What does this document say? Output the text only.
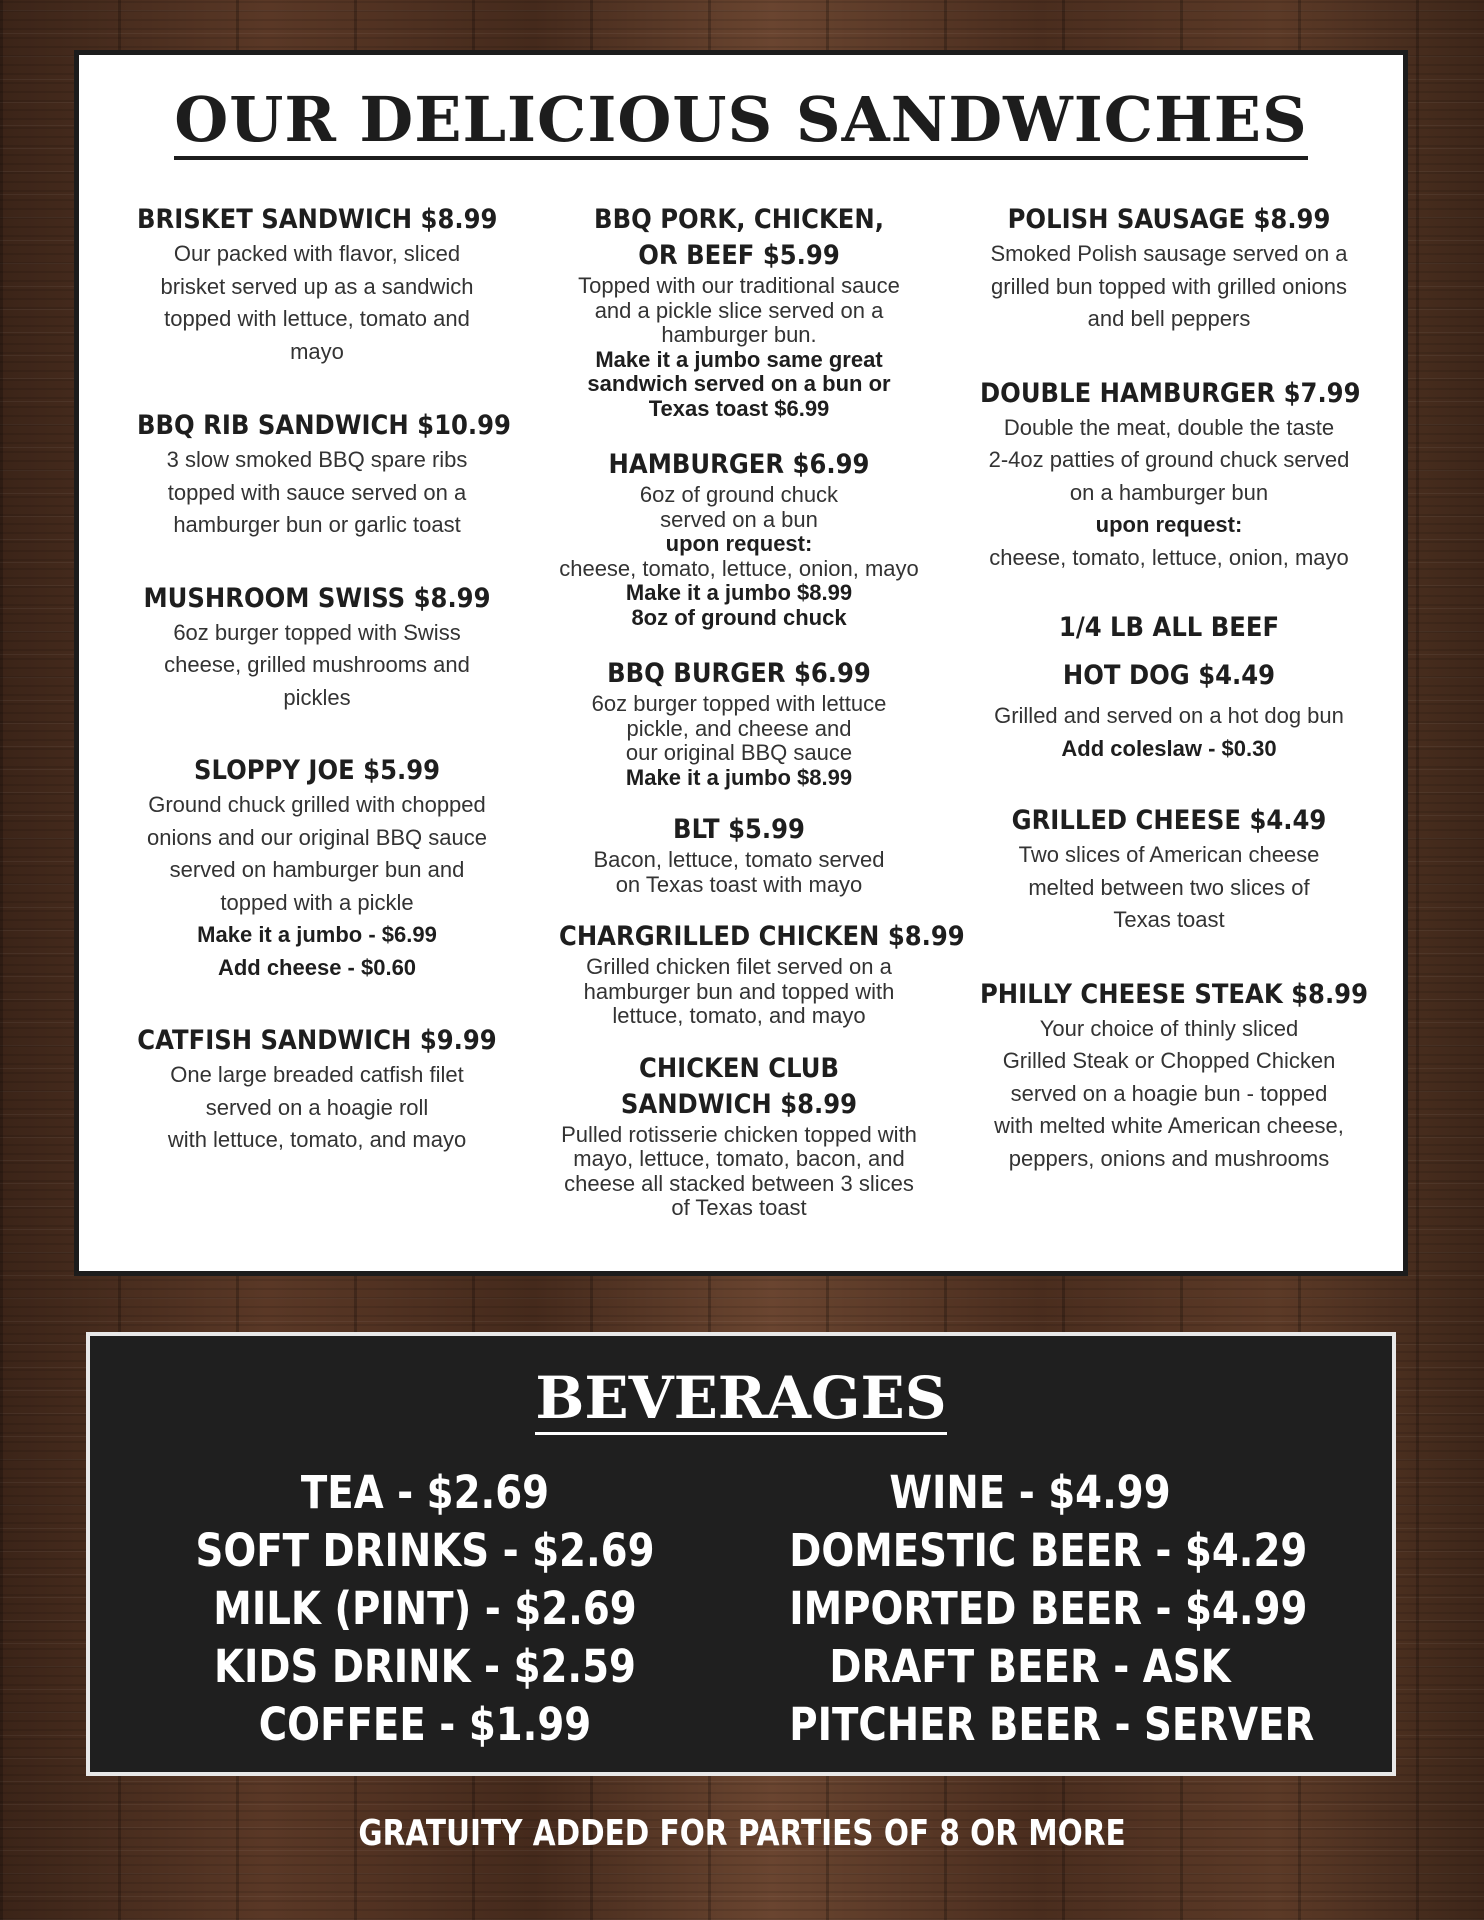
OUR DELICIOUS SANDWICHES
BRISKET SANDWICH $8.99
Our packed with flavor, sliced
brisket served up as a sandwich
topped with lettuce, tomato and
mayo
BBQ RIB SANDWICH $10.99
3 slow smoked BBQ spare ribs
topped with sauce served on a
hamburger bun or garlic toast
MUSHROOM SWISS $8.99
6oz burger topped with Swiss
cheese, grilled mushrooms and
pickles
SLOPPY JOE $5.99
Ground chuck grilled with chopped
onions and our original BBQ sauce
served on hamburger bun and
topped with a pickle
Make it a jumbo - $6.99
Add cheese - $0.60
CATFISH SANDWICH $9.99
One large breaded catfish filet
served on a hoagie roll
with lettuce, tomato, and mayo
BBQ PORK, CHICKEN,
OR BEEF $5.99
Topped with our traditional sauce
and a pickle slice served on a
hamburger bun.
Make it a jumbo same great
sandwich served on a bun or
Texas toast $6.99
HAMBURGER $6.99
6oz of ground chuck
served on a bun
upon request:
cheese, tomato, lettuce, onion, mayo
Make it a jumbo $8.99
8oz of ground chuck
BBQ BURGER $6.99
6oz burger topped with lettuce
pickle, and cheese and
our original BBQ sauce
Make it a jumbo $8.99
BLT $5.99
Bacon, lettuce, tomato served
on Texas toast with mayo
CHARGRILLED CHICKEN $8.99
Grilled chicken filet served on a
hamburger bun and topped with
lettuce, tomato, and mayo
CHICKEN CLUB
SANDWICH $8.99
Pulled rotisserie chicken topped with
mayo, lettuce, tomato, bacon, and
cheese all stacked between 3 slices
of Texas toast
POLISH SAUSAGE $8.99
Smoked Polish sausage served on a
grilled bun topped with grilled onions
and bell peppers
DOUBLE HAMBURGER $7.99
Double the meat, double the taste
2-4oz patties of ground chuck served
on a hamburger bun
upon request:
cheese, tomato, lettuce, onion, mayo
1/4 LB ALL BEEF
HOT DOG $4.49
Grilled and served on a hot dog bun
Add coleslaw - $0.30
GRILLED CHEESE $4.49
Two slices of American cheese
melted between two slices of
Texas toast
PHILLY CHEESE STEAK $8.99
Your choice of thinly sliced
Grilled Steak or Chopped Chicken
served on a hoagie bun - topped
with melted white American cheese,
peppers, onions and mushrooms
BEVERAGES
TEA - $2.69
SOFT DRINKS - $2.69
MILK (PINT) - $2.69
KIDS DRINK - $2.59
COFFEE - $1.99
WINE - $4.99
DOMESTIC BEER - $4.29
IMPORTED BEER - $4.99
DRAFT BEER - ASK
PITCHER BEER - SERVER
GRATUITY ADDED FOR PARTIES OF 8 OR MORE
